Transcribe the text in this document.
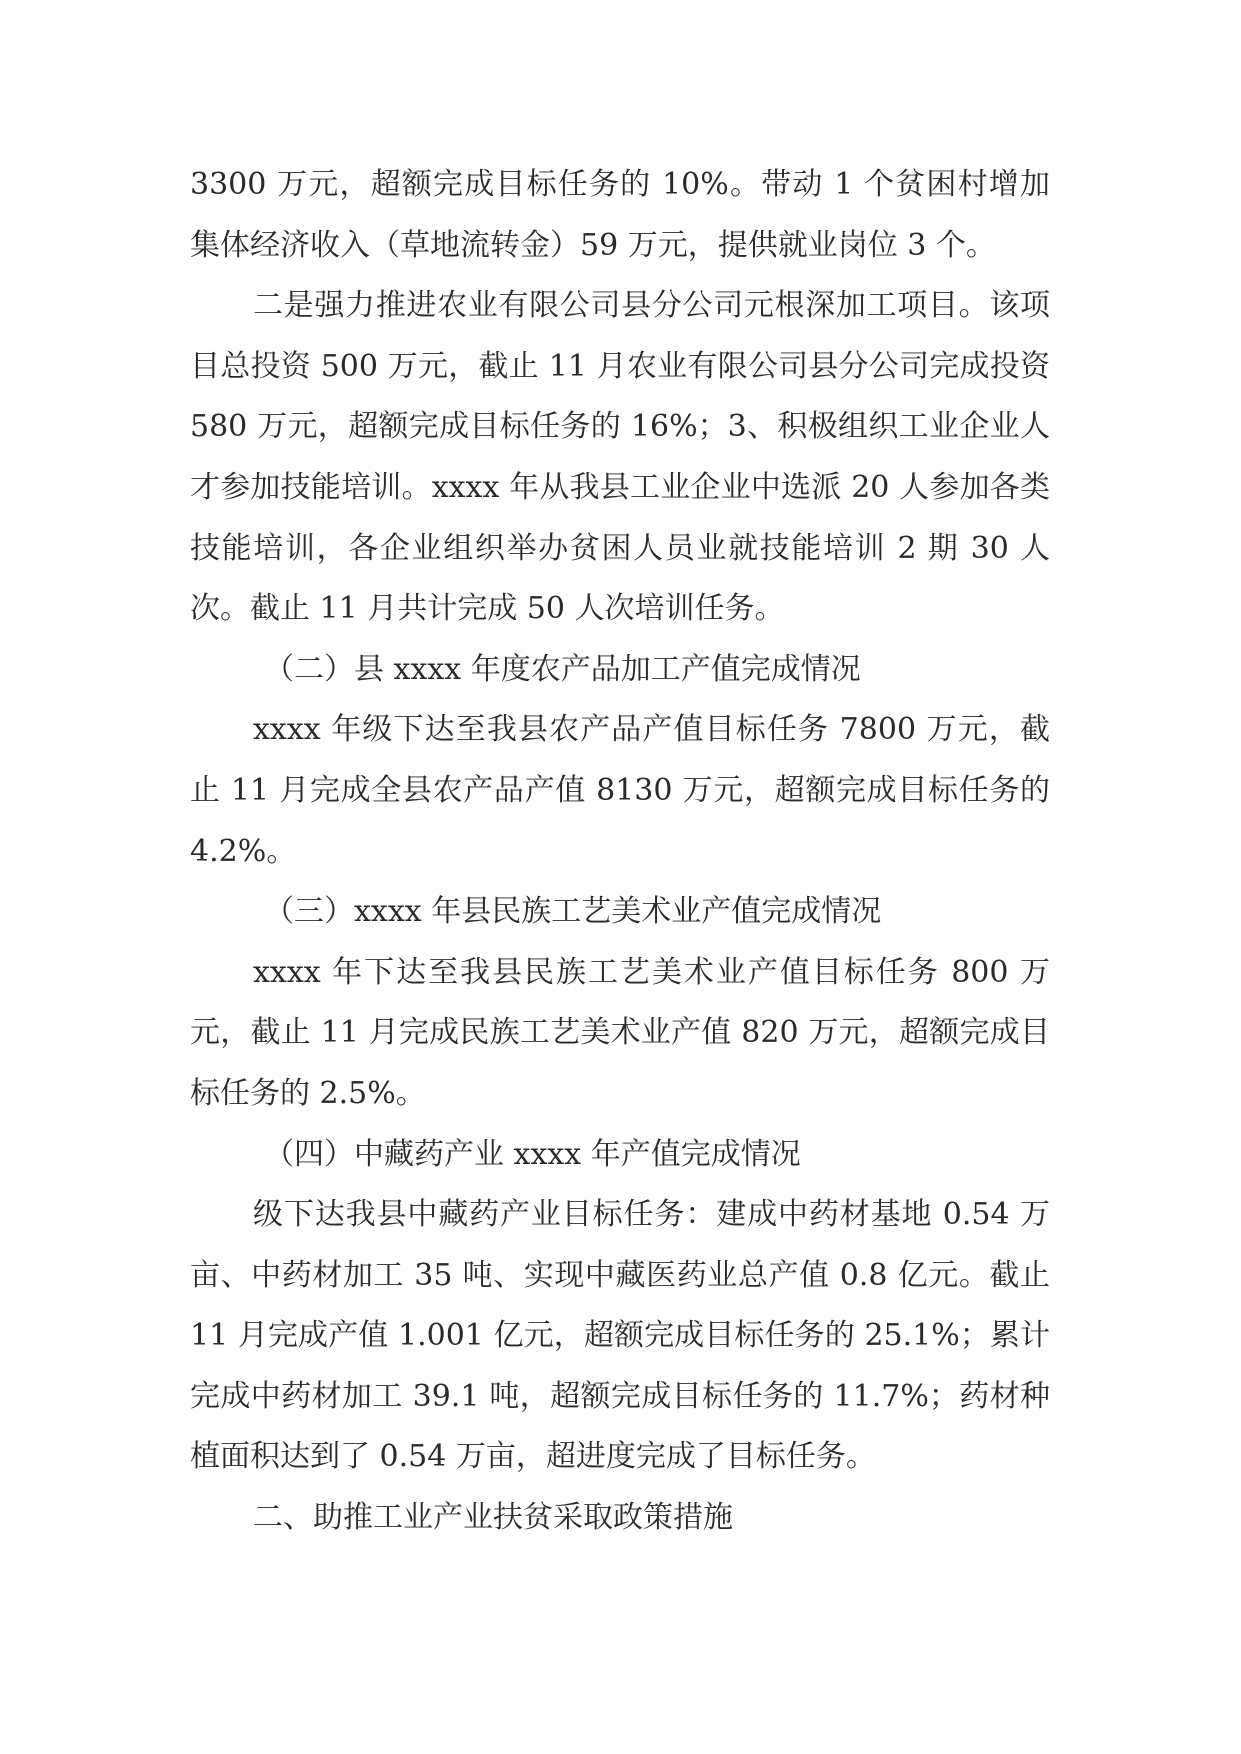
3300 万元，超额完成目标任务的 10%。带动 1 个贫困村增加集体经济收入（草地流转金）59 万元，提供就业岗位 3 个。

二是强力推进农业有限公司县分公司元根深加工项目。该项目总投资 500 万元，截止 11 月农业有限公司县分公司完成投资 580 万元，超额完成目标任务的 16%；3、积极组织工业企业人才参加技能培训。xxxx 年从我县工业企业中选派 20 人参加各类技能培训，各企业组织举办贫困人员业就技能培训 2 期 30 人次。截止 11 月共计完成 50 人次培训任务。

（二）县 xxxx 年度农产品加工产值完成情况

xxxx 年级下达至我县农产品产值目标任务 7800 万元，截止 11 月完成全县农产品产值 8130 万元，超额完成目标任务的 4.2%。

（三）xxxx 年县民族工艺美术业产值完成情况

xxxx 年下达至我县民族工艺美术业产值目标任务 800 万元，截止 11 月完成民族工艺美术业产值 820 万元，超额完成目标任务的 2.5%。

（四）中藏药产业 xxxx 年产值完成情况

级下达我县中藏药产业目标任务：建成中药材基地 0.54 万亩、中药材加工 35 吨、实现中藏医药业总产值 0.8 亿元。截止 11 月完成产值 1.001 亿元，超额完成目标任务的 25.1%；累计完成中药材加工 39.1 吨，超额完成目标任务的 11.7%；药材种植面积达到了 0.54 万亩，超进度完成了目标任务。

二、助推工业产业扶贫采取政策措施
